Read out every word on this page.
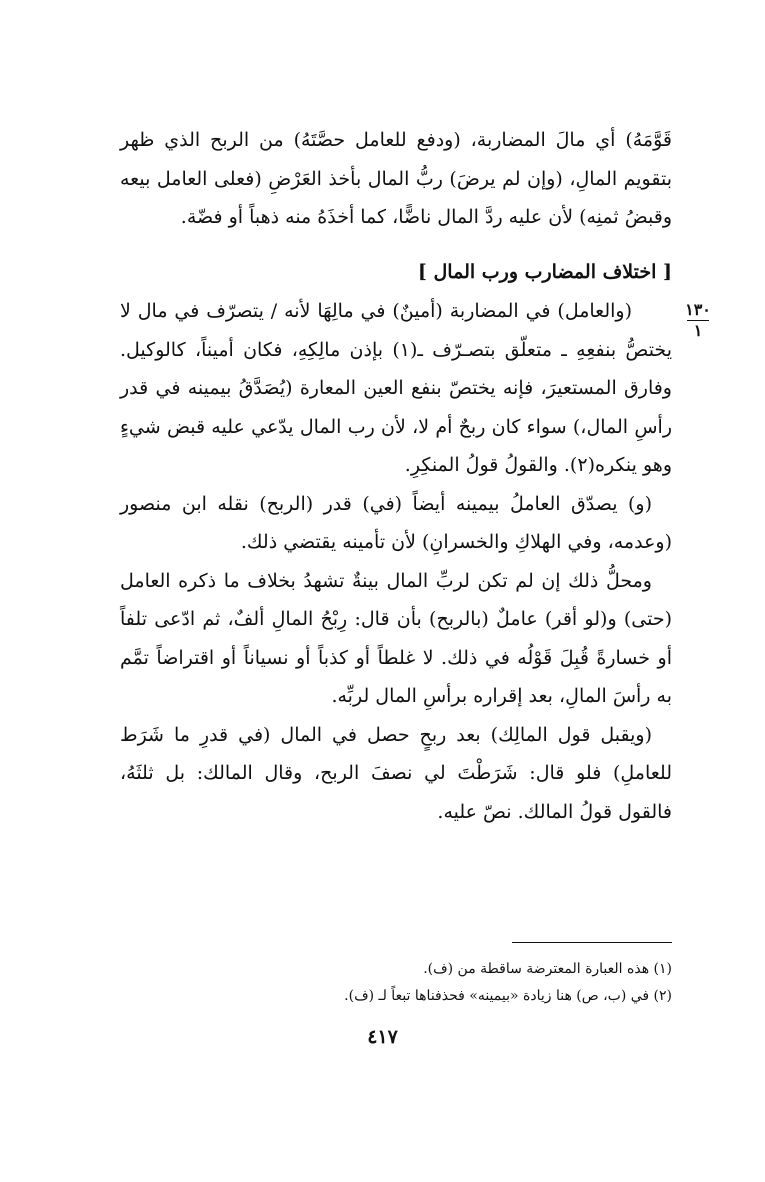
قَوَّمَهُ) أي مالَ المضاربة، (ودفع للعامل حصَّتَهُ) من الربح الذي ظهر بتقويم المالِ، (وإن لم يرضَ) ربُّ المال بأخذ العَرْضِ (فعلى العامل بيعه وقبضُ ثمنِه) لأن عليه ردَّ المال ناضًّا، كما أخذَهُ منه ذهباً أو فضّة.

[ اختلاف المضارب ورب المال ]
١٣٠
١

(والعامل) في المضاربة (أمينٌ) في مالِهَا لأنه / يتصرّف في مال لا يختصُّ بنفعِهِ ـ متعلّق بتصـرّف ـ(١) بإذن مالِكِهِ، فكان أميناً، كالوكيل. وفارق المستعيرَ، فإنه يختصّ بنفع العين المعارة (يُصَدَّقُ بيمينه في قدر رأسِ المال،) سواء كان ربحٌ أم لا، لأن رب المال يدّعي عليه قبض شيءٍ وهو ينكره(٢). والقولُ قولُ المنكِرِ.

(و) يصدّق العاملُ بيمينه أيضاً (في) قدر (الربح) نقله ابن منصور (وعدمه، وفي الهلاكِ والخسرانِ) لأن تأمينه يقتضي ذلك.

ومحلُّ ذلك إن لم تكن لربِّ المال بينةٌ تشهدُ بخلاف ما ذكره العامل (حتى) و(لو أقر) عاملٌ (بالربح) بأن قال: رِبْحُ المالِ ألفٌ، ثم ادّعى تلفاً أو خسارةً قُبِلَ قَوْلُه في ذلك. لا غلطاً أو كذباً أو نسياناً أو اقتراضاً تمَّم به رأسَ المالِ، بعد إقراره برأسِ المال لربِّه.

(ويقبل قول المالِك) بعد ربحٍ حصل في المال (في قدرِ ما شَرَط للعاملِ) فلو قال: شَرَطْتَ لي نصفَ الربح، وقال المالك: بل ثلثَهُ، فالقول قولُ المالك. نصّ عليه.

(١) هذه العبارة المعترضة ساقطة من (ف).

(٢) في (ب، ص) هنا زيادة «بيمينه» فحذفناها تبعاً لـ (ف).

٤١٧
